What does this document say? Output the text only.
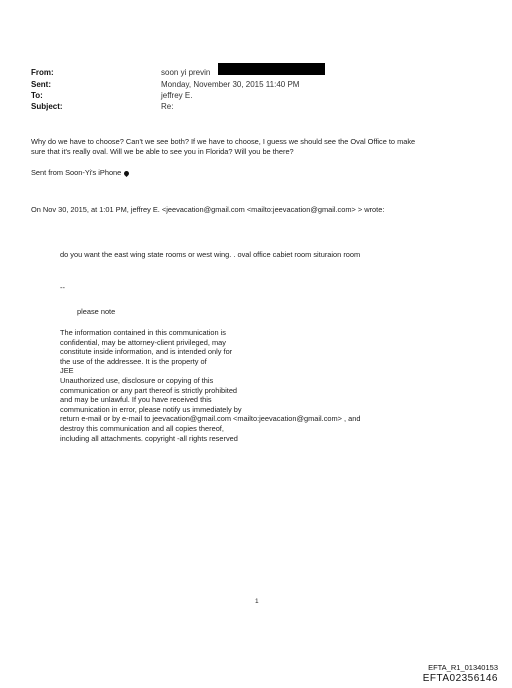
From:	soon yi previn
Sent:	Monday, November 30, 2015 11:40 PM
To:	jeffrey E.
Subject:	Re:
Why do we have to choose? Can't we see both? If we have to choose, I guess we should see the Oval Office to make
sure that it's really oval. Will we be able to see you in Florida? Will you be there?
Sent from Soon-Yi's iPhone
On Nov 30, 2015, at 1:01 PM, jeffrey E. <jeevacation@gmail.com <mailto:jeevacation@gmail.com> > wrote:
do you want the east wing state rooms or west wing. . oval office cabiet room situraion room
--
please note
The information contained in this communication is
confidential, may be attorney-client privileged, may
constitute inside information, and is intended only for
the use of the addressee. It is the property of
JEE
Unauthorized use, disclosure or copying of this
communication or any part thereof is strictly prohibited
and may be unlawful. If you have received this
communication in error, please notify us immediately by
return e-mail or by e-mail to jeevacation@gmail.com <mailto:jeevacation@gmail.com> , and
destroy this communication and all copies thereof,
including all attachments. copyright -all rights reserved
1
EFTA_R1_01340153
EFTA02356146
